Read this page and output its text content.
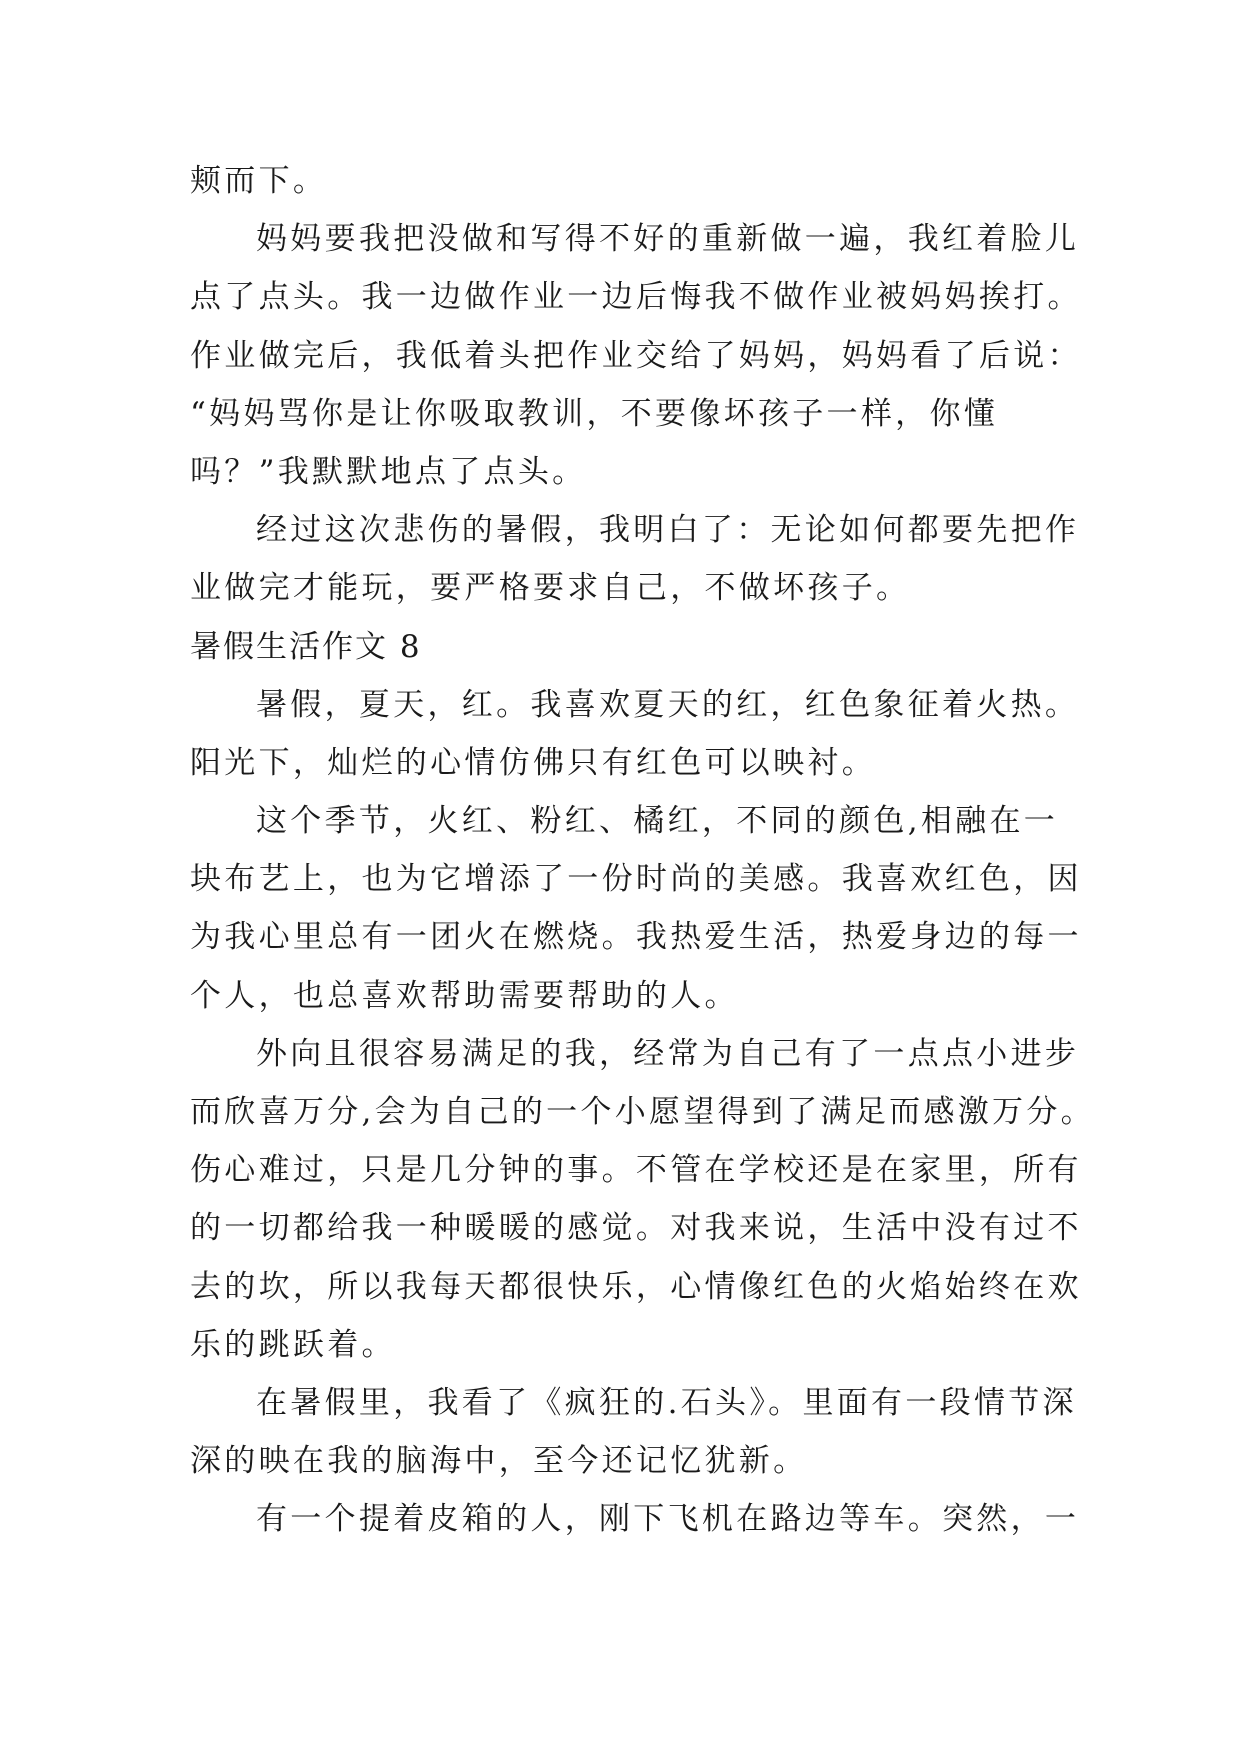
颊而下。
妈妈要我把没做和写得不好的重新做一遍，我红着脸儿
点了点头。我一边做作业一边后悔我不做作业被妈妈挨打。
作业做完后，我低着头把作业交给了妈妈，妈妈看了后说：
“妈妈骂你是让你吸取教训，不要像坏孩子一样，你懂
吗？”我默默地点了点头。
经过这次悲伤的暑假，我明白了：无论如何都要先把作
业做完才能玩，要严格要求自己，不做坏孩子。
暑假生活作文 8
暑假，夏天，红。我喜欢夏天的红，红色象征着火热。
阳光下，灿烂的心情仿佛只有红色可以映衬。
这个季节，火红、粉红、橘红，不同的颜色,相融在一
块布艺上，也为它增添了一份时尚的美感。我喜欢红色，因
为我心里总有一团火在燃烧。我热爱生活，热爱身边的每一
个人，也总喜欢帮助需要帮助的人。
外向且很容易满足的我，经常为自己有了一点点小进步
而欣喜万分,会为自己的一个小愿望得到了满足而感激万分。
伤心难过，只是几分钟的事。不管在学校还是在家里，所有
的一切都给我一种暖暖的感觉。对我来说，生活中没有过不
去的坎，所以我每天都很快乐，心情像红色的火焰始终在欢
乐的跳跃着。
在暑假里，我看了《疯狂的.石头》。里面有一段情节深
深的映在我的脑海中，至今还记忆犹新。
有一个提着皮箱的人，刚下飞机在路边等车。突然，一
